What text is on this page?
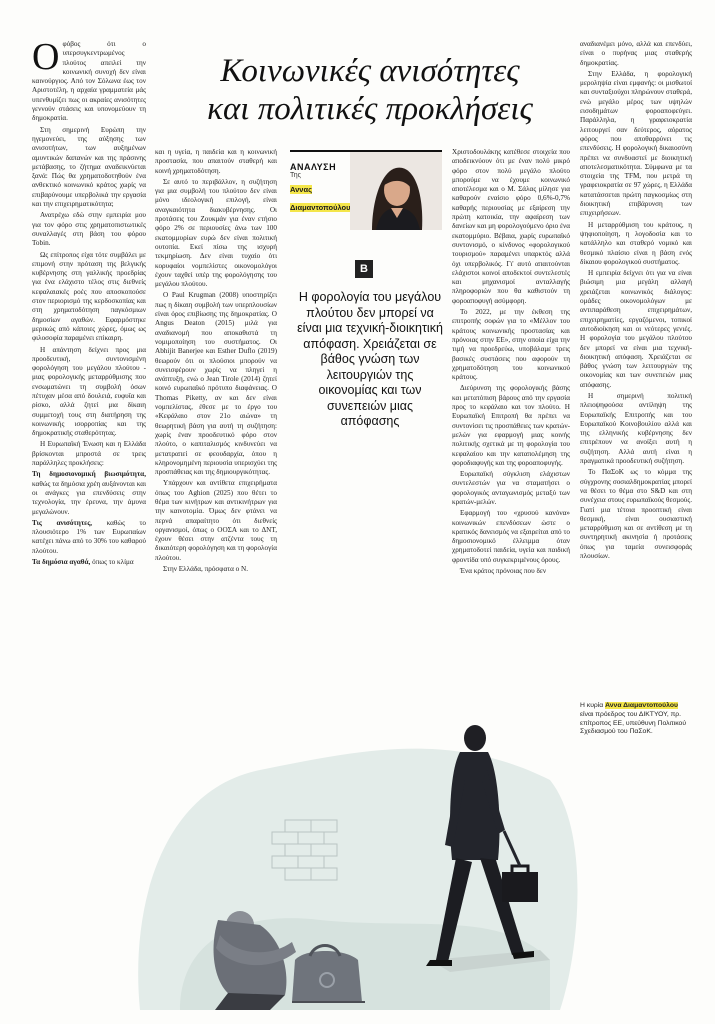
Κοινωνικές ανισότητες
και πολιτικές προκλήσεις

Οφόβος ότι ο υπερσυγκεντρωμένος πλούτος απειλεί την κοινωνική συνοχή δεν είναι καινούργιος. Από τον Σόλωνα έως τον Αριστοτέλη, η αρχαία γραμματεία μάς υπενθυμίζει πως οι ακραίες ανισότητες γεννούν στάσεις και υπονομεύουν τη δημοκρατία.

Στη σημερινή Ευρώπη την ηγεμονεύει, της αύξησης των ανισοτήτων, των αυξημένων αμυντικών δαπανών και της πράσινης μετάβασης, το ζήτημα αναδεικνύεται ξανά: Πώς θα χρηματοδοτηθούν ένα ανθεκτικό κοινωνικό κράτος χωρίς να επιβαρύνουμε υπερβολικά την εργασία και την επιχειρηματικότητα;

Ανατρέχω εδώ στην εμπειρία μου για τον φόρο στις χρηματοπιστωτικές συναλλαγές στη βάση του φόρου Tobin.

Ως επίτροπος είχα τότε συμβάλει με επιμονή στην πρόταση της βελγικής κυβέρνησης στη γαλλικής προεδρίας για ένα ελάχιστο τέλος στις διεθνείς κεφαλαιακές ροές που αποσκοπούσε στον περιορισμό της κερδοσκοπίας και στη χρηματοδότηση παγκόσμιων δημοσίων αγαθών. Εφαρμόστηκε μερικώς από κάποιες χώρες, όμως ως φιλοσοφία παραμένει επίκαιρη.

Η απάντηση δείχνει προς μια προοδευτική, συντονισμένη φορολόγηση του μεγάλου πλούτου - μιας φορολογικής μεταρρύθμισης που ενσωματώνει τη συμβολή όσων πέτυχαν μέσα από δουλειά, ευφυΐα και ρίσκο, αλλά ζητεί μια δίκαιη συμμετοχή τους στη διατήρηση της κοινωνικής ισορροπίας και της δημοκρατικής σταθερότητας.

Η Ευρωπαϊκή Ένωση και η Ελλάδα βρίσκονται μπροστά σε τρεις παράλληλες προκλήσεις:

Τη δημοσιονομική βιωσιμότητα, καθώς τα δημόσια χρέη αυξάνονται και οι ανάγκες για επενδύσεις στην τεχνολογία, την έρευνα, την άμυνα μεγαλώνουν.

Τις ανισότητες, καθώς το πλουσιότερο 1% των Ευρωπαίων κατέχει πάνω από το 30% του καθαρού πλούτου.

Τα δημόσια αγαθά, όπως το κλίμα

και η υγεία, η παιδεία και η κοινωνική προστασία, που απαιτούν σταθερή και κοινή χρηματοδότηση.

Σε αυτό το περιβάλλον, η συζήτηση για μια συμβολή του πλούτου δεν είναι μόνο ιδεολογική επιλογή, είναι αναγκαιότητα διακυβέρνησης. Οι προτάσεις του Ζουκμάν για έναν ετήσιο φόρο 2% σε περιουσίες άνω των 100 εκατομμυρίων ευρώ δεν είναι πολιτική ουτοπία. Εκεί πίσω της ισχυρή τεκμηρίωση. Δεν είναι τυχαίο ότι κορυφαίοι νομπελίστες οικονομολόγοι έχουν ταχθεί υπέρ της φορολόγησης του μεγάλου πλούτου.

Ο Paul Krugman (2008) υποστηρίζει πως η δίκαιη συμβολή των υπερπλουσίων είναι όρος επιβίωσης της δημοκρατίας. Ο Angus Deaton (2015) μιλά για αναδιανομή που αποκαθιστά τη νομιμοποίηση του συστήματος. Οι Abhijit Banerjee και Esther Duflo (2019) θεωρούν ότι οι πλούσιοι μπορούν να συνεισφέρουν χωρίς να πληγεί η ανάπτυξη, ενώ ο Jean Tirole (2014) ζητεί κοινό ευρωπαϊκό πρότυπο διαφάνειας. Ο Thomas Piketty, αν και δεν είναι νομπελίστας, έθεσε με το έργο του «Κεφάλαιο στον 21ο αιώνα» τη θεωρητική βάση για αυτή τη συζήτηση: χωρίς έναν προοδευτικό φόρο στον πλούτο, ο καπιταλισμός κινδυνεύει να μετατραπεί σε φεουδαρχία, όπου η κληρονομημένη περιουσία υπερισχύει της προσπάθειας και της δημιουργικότητας.

Υπάρχουν και αντίθετα επιχειρήματα όπως του Aghion (2025) που θέτει το θέμα των κινήτρων και αντικινήτρων για την καινοτομία. Όμως δεν φτάνει να περνά απαραίτητο ότι διεθνείς οργανισμοί, όπως ο ΟΟΣΑ και το ΔΝΤ, έχουν θέσει στην ατζέντα τους τη δικαιότερη φορολόγηση και τη φορολογία πλούτου.

Στην Ελλάδα, πρόσφατα ο Ν.

ΑΝΑΛΥΣΗ
Της
Αννας
Διαμαντοπούλου
B
Η φορολογία του μεγάλου πλούτου δεν μπορεί να είναι μια τεχνική-διοικητική απόφαση. Χρειάζεται σε βάθος γνώση των λειτουργιών της οικονομίας και των συνεπειών μιας απόφασης

Χριστοδουλάκης κατέθεσε στοιχεία που αποδεικνύουν ότι με έναν πολύ μικρό φόρο στον πολύ μεγάλο πλούτο μπορούμε να έχουμε κοινωνικό αποτέλεσμα και ο Μ. Σάλας μίλησε για καθαρούν εναίσιο φόρο 0,6%-0,7% καθαρής περιουσίας με εξαίρεση την πρώτη κατοικία, την αφαίρεση των δανείων και μη φορολογούμενο όριο ένα εκατομμύριο. Βέβαια, χωρίς ευρωπαϊκό συντονισμό, ο κίνδυνος «φορολογικού τουρισμού» παραμένει υπαρκτός αλλά όχι υπερβολικός. Γι' αυτό απαιτούνται ελάχιστοι κοινοί αποδεκτοί συντελεστές και μηχανισμοί ανταλλαγής πληροφοριών που θα καθιστούν τη φοροαποφυγή ασύμφορη.

Το 2022, με την έκθεση της επιτροπής σοφών για το «Μέλλον του κράτους κοινωνικής προστασίας και πρόνοιας στην ΕΕ», στην οποία είχα την τιμή να προεδρεύω, υποβάλαμε τρεις βασικές συστάσεις που αφορούν τη χρηματοδότηση του κοινωνικού κράτους.

Διεύρυνση της φορολογικής βάσης και μετατόπιση βάρους από την εργασία προς το κεφάλαιο και τον πλούτο. Η Ευρωπαϊκή Επιτροπή θα πρέπει να συντονίσει τις προσπάθειες των κρατών-μελών για εφαρμογή μιας κοινής πολιτικής σχετικά με τη φορολογία του κεφαλαίου και την καταπολέμηση της φοροδιαφυγής και της φοροαποφυγής.

Ευρωπαϊκή σύγκλιση ελάχιστων συντελεστών για να σταματήσει ο φορολογικός ανταγωνισμός μεταξύ των κρατών-μελών.

Εφαρμογή του «χρυσού κανόνα» κοινωνικών επενδύσεων ώστε ο κρατικός δανεισμός να εξαιρείται από το δημοσιονομικό έλλειμμα όταν χρηματοδοτεί παιδεία, υγεία και παιδική φροντίδα υπό συγκεκριμένους όρους.

Ένα κράτος πρόνοιας που δεν

αναδιανέμει μόνο, αλλά και επενδύει, είναι ο πυρήνας μιας σταθερής δημοκρατίας.

Στην Ελλάδα, η φορολογική μεροληψία είναι εμφανής: οι μισθωτοί και συνταξιούχοι πληρώνουν σταθερά, ενώ μεγάλο μέρος των υψηλών εισοδημάτων φοροαποφεύγει. Παράλληλα, η γραφειοκρατία λειτουργεί σαν δεύτερος, αόρατος φόρος που αποθαρρύνει τις επενδύσεις. Η φορολογική δικαιοσύνη πρέπει να συνδυαστεί με διοικητική αποτελεσματικότητα. Σύμφωνα με τα στοιχεία της TFM, που μετρά τη γραφειοκρατία σε 97 χώρες, η Ελλάδα κατατάσσεται πρώτη παγκοσμίως στη διοικητική επιβάρυνση των επιχειρήσεων.

Η μεταρρύθμιση του κράτους, η ψηφιοποίηση, η λογοδοσία και το κατάλληλο και σταθερό νομικό και θεσμικό πλαίσιο είναι η βάση ενός δίκαιου φορολογικού συστήματος.

Η εμπειρία δείχνει ότι για να είναι βιώσιμη μια μεγάλη αλλαγή χρειάζεται κοινωνικός διάλογος: ομάδες οικονομολόγων με αντιπαράθεση επιχειρημάτων, επιχειρηματίες, εργαζόμενοι, τοπικοί αυτοδιοίκηση και οι νεότερες γενιές. Η φορολογία του μεγάλου πλούτου δεν μπορεί να είναι μια τεχνική-διοικητική απόφαση. Χρειάζεται σε βάθος γνώση των λειτουργιών της οικονομίας και των συνεπειών μιας απόφασης.

Η σημερινή πολιτική πλειοψηφούσα αντίληψη της Ευρωπαϊκής Επιτροπής και του Ευρωπαϊκού Κοινοβουλίου αλλά και της ελληνικής κυβέρνησης δεν επιτρέπουν να ανοίξει αυτή η συζήτηση. Αλλά αυτή είναι η πραγματικά προοδευτική συζήτηση.

Το ΠαΣοΚ ως το κόμμα της σύγχρονης σοσιαλδημοκρατίας μπορεί να θέσει το θέμα στο S&D και στη συνέχεια στους ευρωπαϊκούς θεσμούς. Γιατί μια τέτοια προοπτική είναι θεσμική, είναι ουσιαστική μεταρρύθμιση και σε αντίθεση με τη συντηρητική ακινησία ή προτάσεις όπως για ταμεία συνεισφοράς πλουσίων.

Η κυρία Αννα Διαμαντοπούλου είναι πρόεδρος του ΔΙΚΤΥΟΥ, πρ. επίτροπος ΕΕ, υπεύθυνη Πολιτικού Σχεδιασμού του ΠαΣοΚ.
